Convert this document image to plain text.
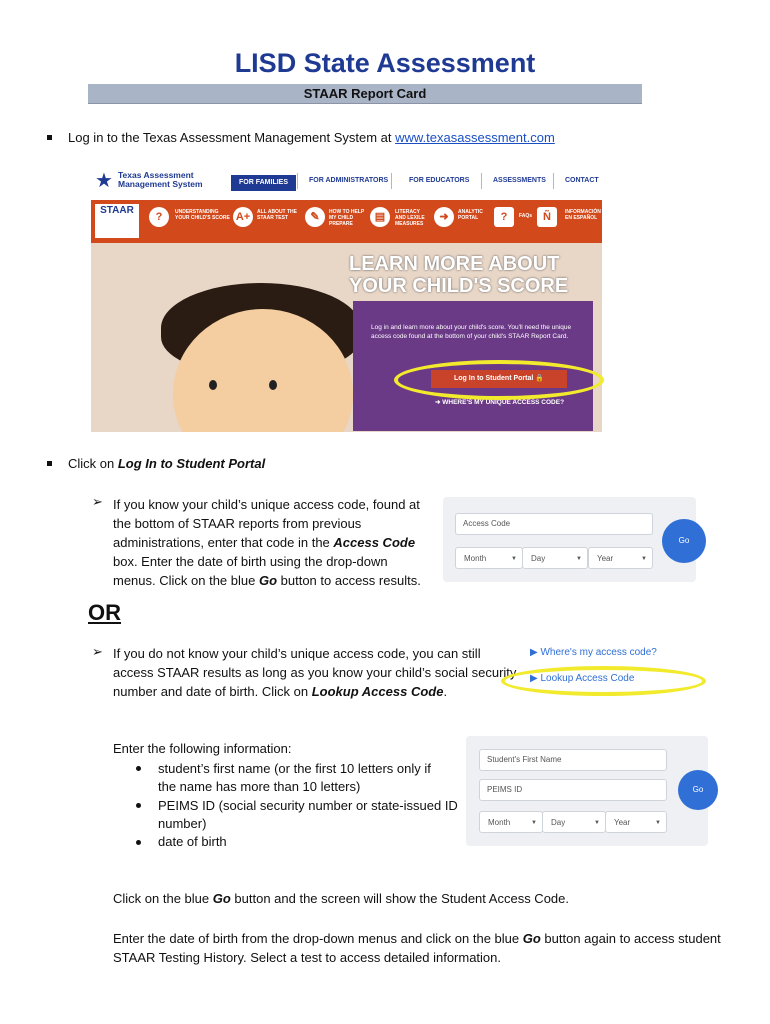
LISD State Assessment
STAAR Report Card
Log in to the Texas Assessment Management System at www.texasassessment.com
★ Texas Assessment
Management System	FOR FAMILIES	FOR ADMINISTRATORS	FOR EDUCATORS	ASSESSMENTS	CONTACT
STAAR
?	UNDERSTANDING
YOUR CHILD'S SCORE A+	ALL ABOUT THE
STAAR TEST	✎	HOW TO HELP
MY CHILD
PREPARE
▤	LITERACY
AND LEXILE
MEASURES
➜	ANALYTIC
PORTAL	?	FAQs Ñ	INFORMACIÓN
EN ESPAÑOL
LEARN MORE ABOUT
YOUR CHILD'S SCORE
Log in and learn more about your child's score. You'll need the unique access code found at the bottom of your child's STAAR Report Card.
Log In to Student Portal 🔒
➜ WHERE'S MY UNIQUE ACCESS CODE?
Click on Log In to Student Portal
➢ If you know your child’s unique access code, found at
the bottom of STAAR reports from previous
administrations, enter that code in the Access Code
box. Enter the date of birth using the drop-down
menus. Click on the blue Go button to access results.
Access Code
Month	▼	Day	▼	Year	▼
Go
OR
➢ If you do not know your child’s unique access code, you can still
access STAAR results as long as you know your child’s social security
number and date of birth. Click on Lookup Access Code.
▶ Where's my access code?
▶ Lookup Access Code
Enter the following information:
student’s first name (or the first 10 letters only if
the name has more than 10 letters)
PEIMS ID (social security number or state-issued ID
number)
date of birth
Student's First Name
PEIMS ID
Month	▼	Day	▼	Year	▼
Go
Click on the blue Go button and the screen will show the Student Access Code.
Enter the date of birth from the drop-down menus and click on the blue Go button again to access student
STAAR Testing History. Select a test to access detailed information.
